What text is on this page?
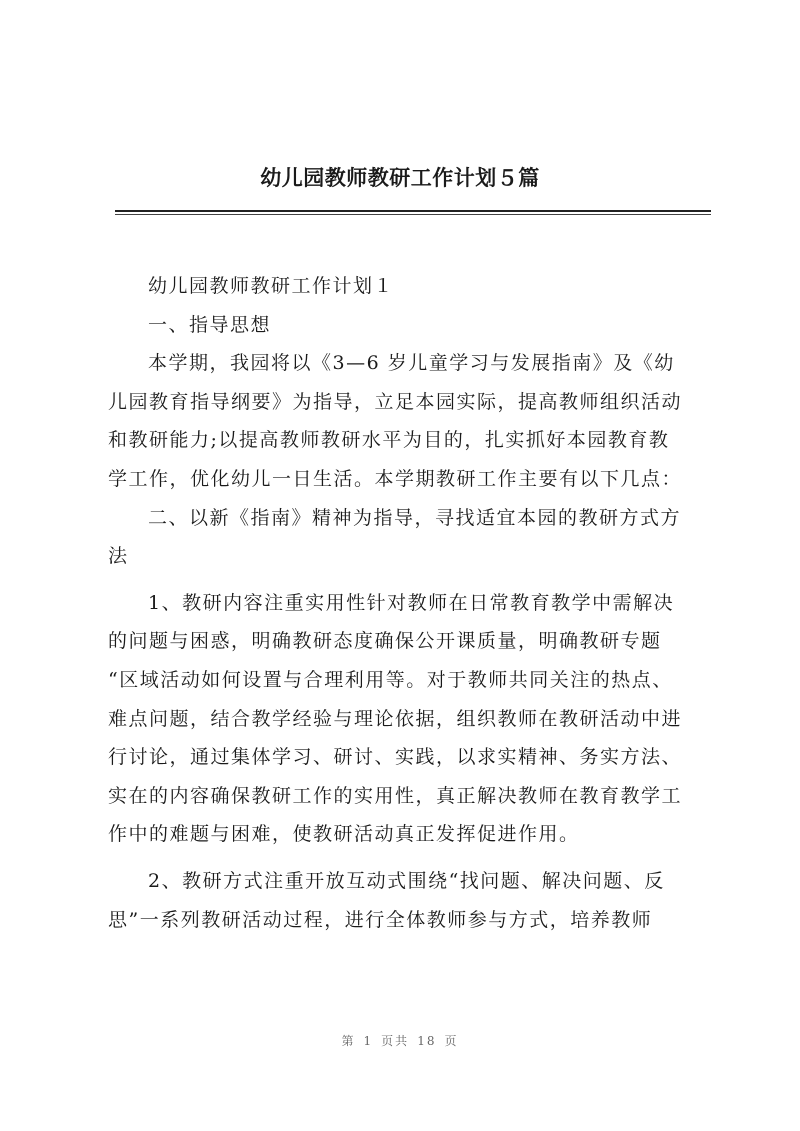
幼儿园教师教研工作计划５篇
幼儿园教师教研工作计划１
一、指导思想
本学期，我园将以《3—6 岁儿童学习与发展指南》及《幼
儿园教育指导纲要》为指导，立足本园实际，提高教师组织活动
和教研能力;以提高教师教研水平为目的，扎实抓好本园教育教
学工作，优化幼儿一日生活。本学期教研工作主要有以下几点：
二、以新《指南》精神为指导，寻找适宜本园的教研方式方
法
1、教研内容注重实用性针对教师在日常教育教学中需解决
的问题与困惑，明确教研态度确保公开课质量，明确教研专题
“区域活动如何设置与合理利用等。对于教师共同关注的热点、
难点问题，结合教学经验与理论依据，组织教师在教研活动中进
行讨论，通过集体学习、研讨、实践，以求实精神、务实方法、
实在的内容确保教研工作的实用性，真正解决教师在教育教学工
作中的难题与困难，使教研活动真正发挥促进作用。
2、教研方式注重开放互动式围绕“找问题、解决问题、反
思”一系列教研活动过程，进行全体教师参与方式，培养教师
第 1 页共 18 页
